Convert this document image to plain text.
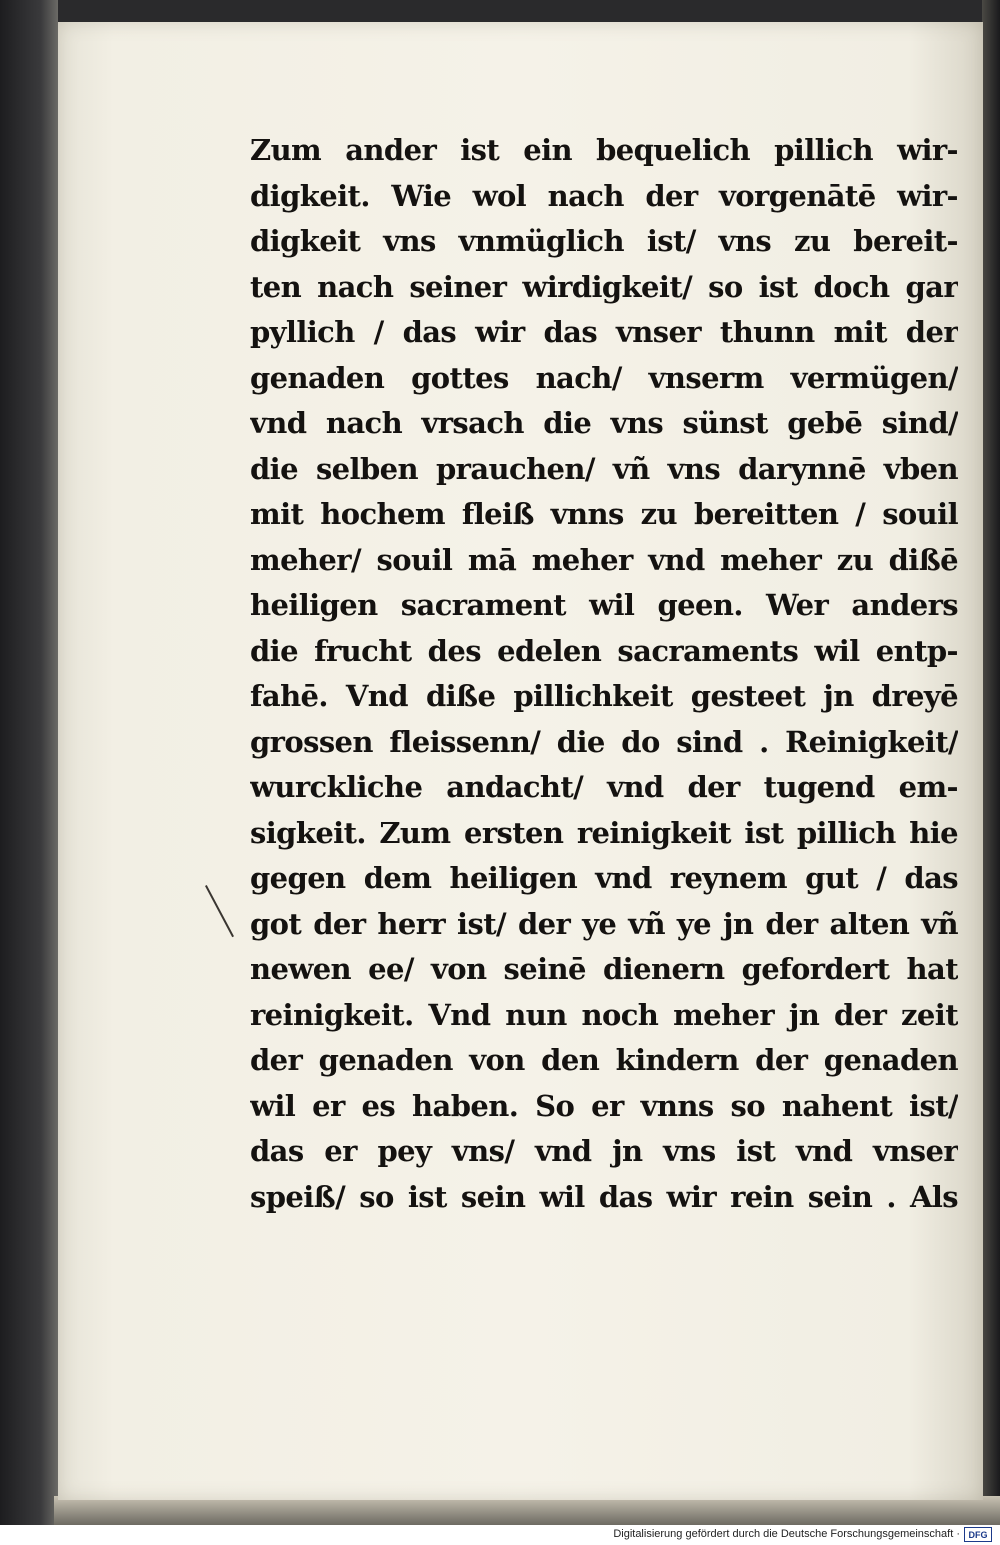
Zum ander ist ein bequelich pillich wir-
digkeit. Wie wol nach der vorgenātē wir-
digkeit vns vnmüglich ist/ vns zu bereit-
ten nach seiner wirdigkeit/ so ist doch gar
pyllich / das wir das vnser thunn mit der
genaden gottes nach/ vnserm vermügen/
vnd nach vrsach die vns sünst gebē sind/
die selben prauchen/ vñ vns darynnē vben
mit hochem fleiß vnns zu bereitten / souil
meher/ souil mā meher vnd meher zu dißē
heiligen sacrament wil geen. Wer anders
die frucht des edelen sacraments wil entp-
fahē. Vnd diße pillichkeit gesteet jn dreyē
grossen fleissenn/ die do sind . Reinigkeit/
wurckliche andacht/ vnd der tugend em-
sigkeit. Zum ersten reinigkeit ist pillich hie
gegen dem heiligen vnd reynem gut / das
got der herr ist/ der ye vñ ye jn der alten vñ
newen ee/ von seinē dienern gefordert hat
reinigkeit. Vnd nun noch meher jn der zeit
der genaden von den kindern der genaden
wil er es haben. So er vnns so nahent ist/
das er pey vns/ vnd jn vns ist vnd vnser
speiß/ so ist sein wil das wir rein sein . Als
Digitalisierung gefördert durch die Deutsche Forschungsgemeinschaft · DFG
